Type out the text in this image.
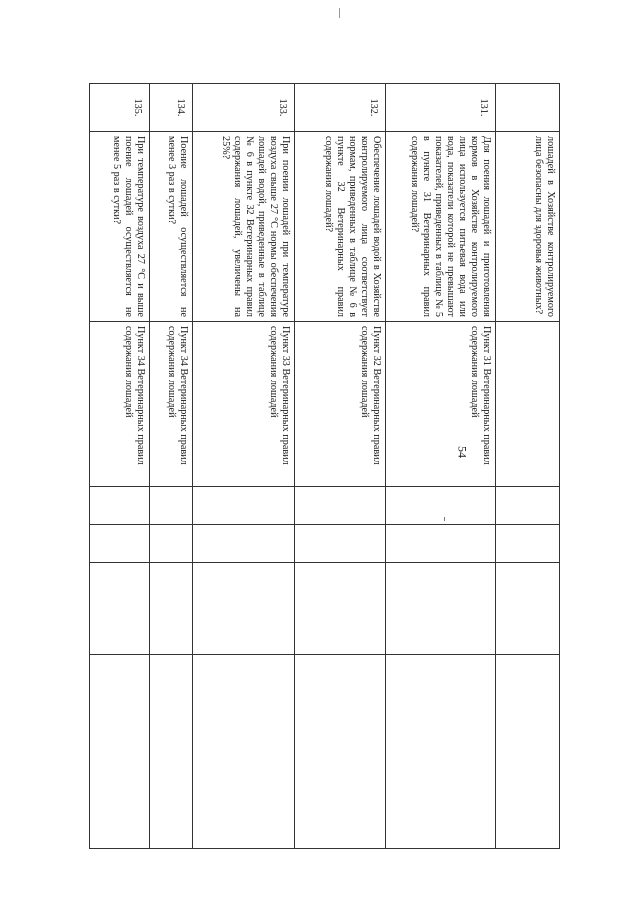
54
	лошадей в Хозяйстве контролируемого лица безопасны для здоровья животных?					
131.	Для поения лошадей и приготовления кормов в Хозяйстве контролируемого лица используется питьевая вода или вода, показатели которой не превышают показателей, приведенных в таблице № 5 в пункте 31 Ветеринарных правил содержания лошадей?	Пункт 31 Ветеринарных правил содержания лошадей				
132.	Обеспечение лошадей водой в Хозяйстве контролируемого лица соответствует нормам, приведенных в таблице № 6 в пункте 32 Ветеринарных правил содержания лошадей?	Пункт 32 Ветеринарных правил содержания лошадей				
133.	При поении лошадей при температуре воздуха свыше 27 °С нормы обеспечения лошадей водой, приведенные в таблице № 6 в пункте 32 Ветеринарных правил содержания лошадей, увеличены на 25%?	Пункт 33 Ветеринарных правил содержания лошадей				
134.	Поение лошадей осуществляется не менее 3 раз в сутки?	Пункт 34 Ветеринарных правил содержания лошадей				
135.	При температуре воздуха 27 °С и выше поение лошадей осуществляется не менее 5 раз в сутки?	Пункт 34 Ветеринарных правил содержания лошадей				
